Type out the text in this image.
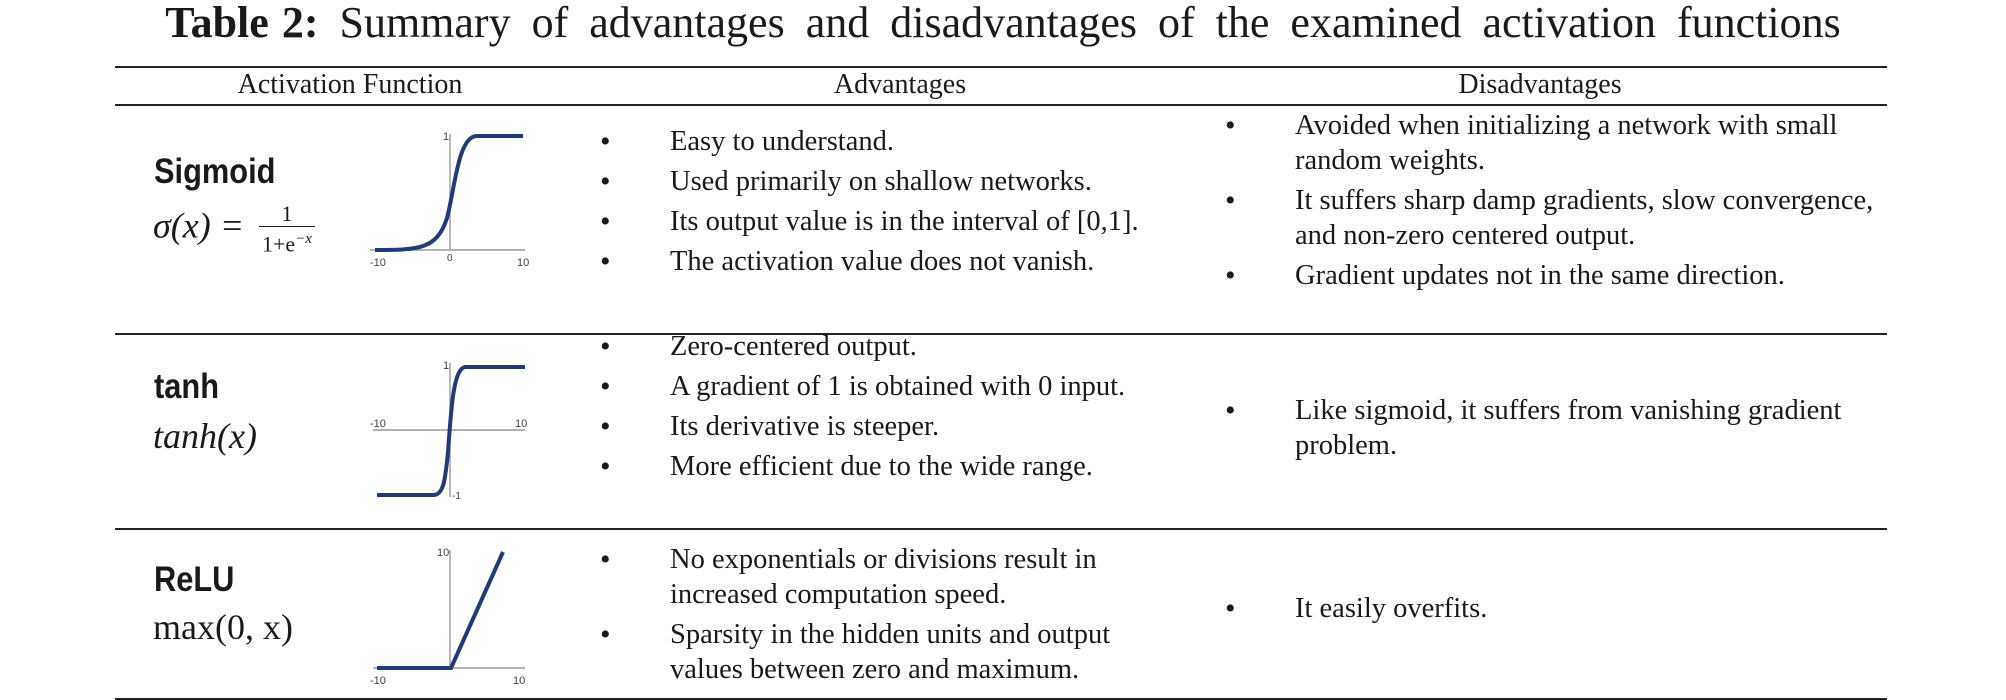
Table 2: Summary of advantages and disadvantages of the examined activation functions
Activation Function	Advantages	Disadvantages
Sigmoid
$\sigma(x) = \frac{1}{1+e^{-x}}$
-10	10
1
0
• Easy to understand.
• Used primarily on shallow networks.
• Its output value is in the interval of [0,1].
• The activation value does not vanish.
• Avoided when initializing a network with small random weights.
• It suffers sharp damp gradients, slow convergence, and non-zero centered output.
• Gradient updates not in the same direction.
tanh
tanh(x)	-10	10
1
-1
• Zero-centered output.
• A gradient of 1 is obtained with 0 input.
• Its derivative is steeper.
• More efficient due to the wide range.
• Like sigmoid, it suffers from vanishing gradient problem.
ReLU
max(0, x)
-10	10
10
•	No exponentials or divisions result in increased computation speed.
• Sparsity in the hidden units and output values between zero and maximum.
• It easily overfits.
